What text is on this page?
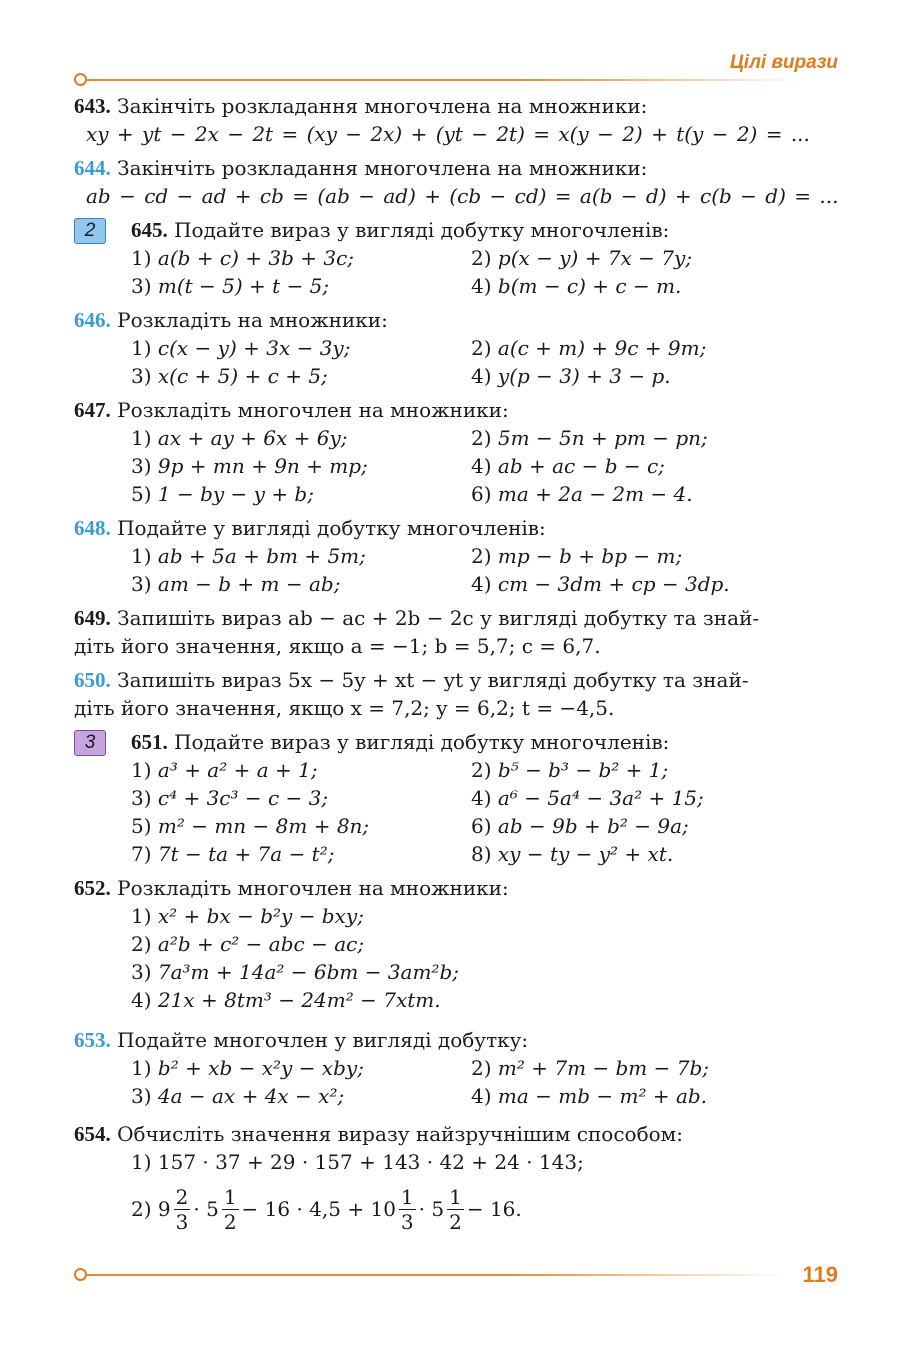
Цілі вирази
643. Закінчіть розкладання многочлена на множники:
xy + yt − 2x − 2t = (xy − 2x) + (yt − 2t) = x(y − 2) + t(y − 2) = ...
644. Закінчіть розкладання многочлена на множники:
ab − cd − ad + cb = (ab − ad) + (cb − cd) = a(b − d) + c(b − d) = ...
2	645. Подайте вираз у вигляді добутку многочленів:
1) a(b + c) + 3b + 3c;	2) p(x − y) + 7x − 7y;
3) m(t − 5) + t − 5;	4) b(m − c) + c − m.
646. Розкладіть на множники:
1) c(x − y) + 3x − 3y;	2) a(c + m) + 9c + 9m;
3) x(c + 5) + c + 5;	4) y(p − 3) + 3 − p.
647. Розкладіть многочлен на множники:
1) ax + ay + 6x + 6y;	2) 5m − 5n + pm − pn;
3) 9p + mn + 9n + mp;	4) ab + ac − b − c;
5) 1 − by − y + b;	6) ma + 2a − 2m − 4.
648. Подайте у вигляді добутку многочленів:
1) ab + 5a + bm + 5m;	2) mp − b + bp − m;
3) am − b + m − ab;	4) cm − 3dm + cp − 3dp.
649. Запишіть вираз ab − ac + 2b − 2c у вигляді добутку та знай-
діть його значення, якщо a = −1; b = 5,7; c = 6,7.
650. Запишіть вираз 5x − 5y + xt − yt у вигляді добутку та знай-
діть його значення, якщо x = 7,2; y = 6,2; t = −4,5.
3	651. Подайте вираз у вигляді добутку многочленів:
1) a³ + a² + a + 1;	2) b⁵ − b³ − b² + 1;
3) c⁴ + 3c³ − c − 3;	4) a⁶ − 5a⁴ − 3a² + 15;
5) m² − mn − 8m + 8n;	6) ab − 9b + b² − 9a;
7) 7t − ta + 7a − t²;	8) xy − ty − y² + xt.
652. Розкладіть многочлен на множники:
1) x² + bx − b²y − bxy;
2) a²b + c² − abc − ac;
3) 7a³m + 14a² − 6bm − 3am²b;
4) 21x + 8tm³ − 24m² − 7xtm.
653. Подайте многочлен у вигляді добутку:
1) b² + xb − x²y − xby;	2) m² + 7m − bm − 7b;
3) 4a − ax + 4x − x²;	4) ma − mb − m² + ab.
654. Обчисліть значення виразу найзручнішим способом:
1) 157 · 37 + 29 · 157 + 143 · 42 + 24 · 143;
2)
$9 \frac{2}{3} \cdot 5 \frac{1}{2} - 16 \cdot 4,5 + 10 \frac{1}{3} \cdot 5 \frac{1}{2} - 16$.
119
